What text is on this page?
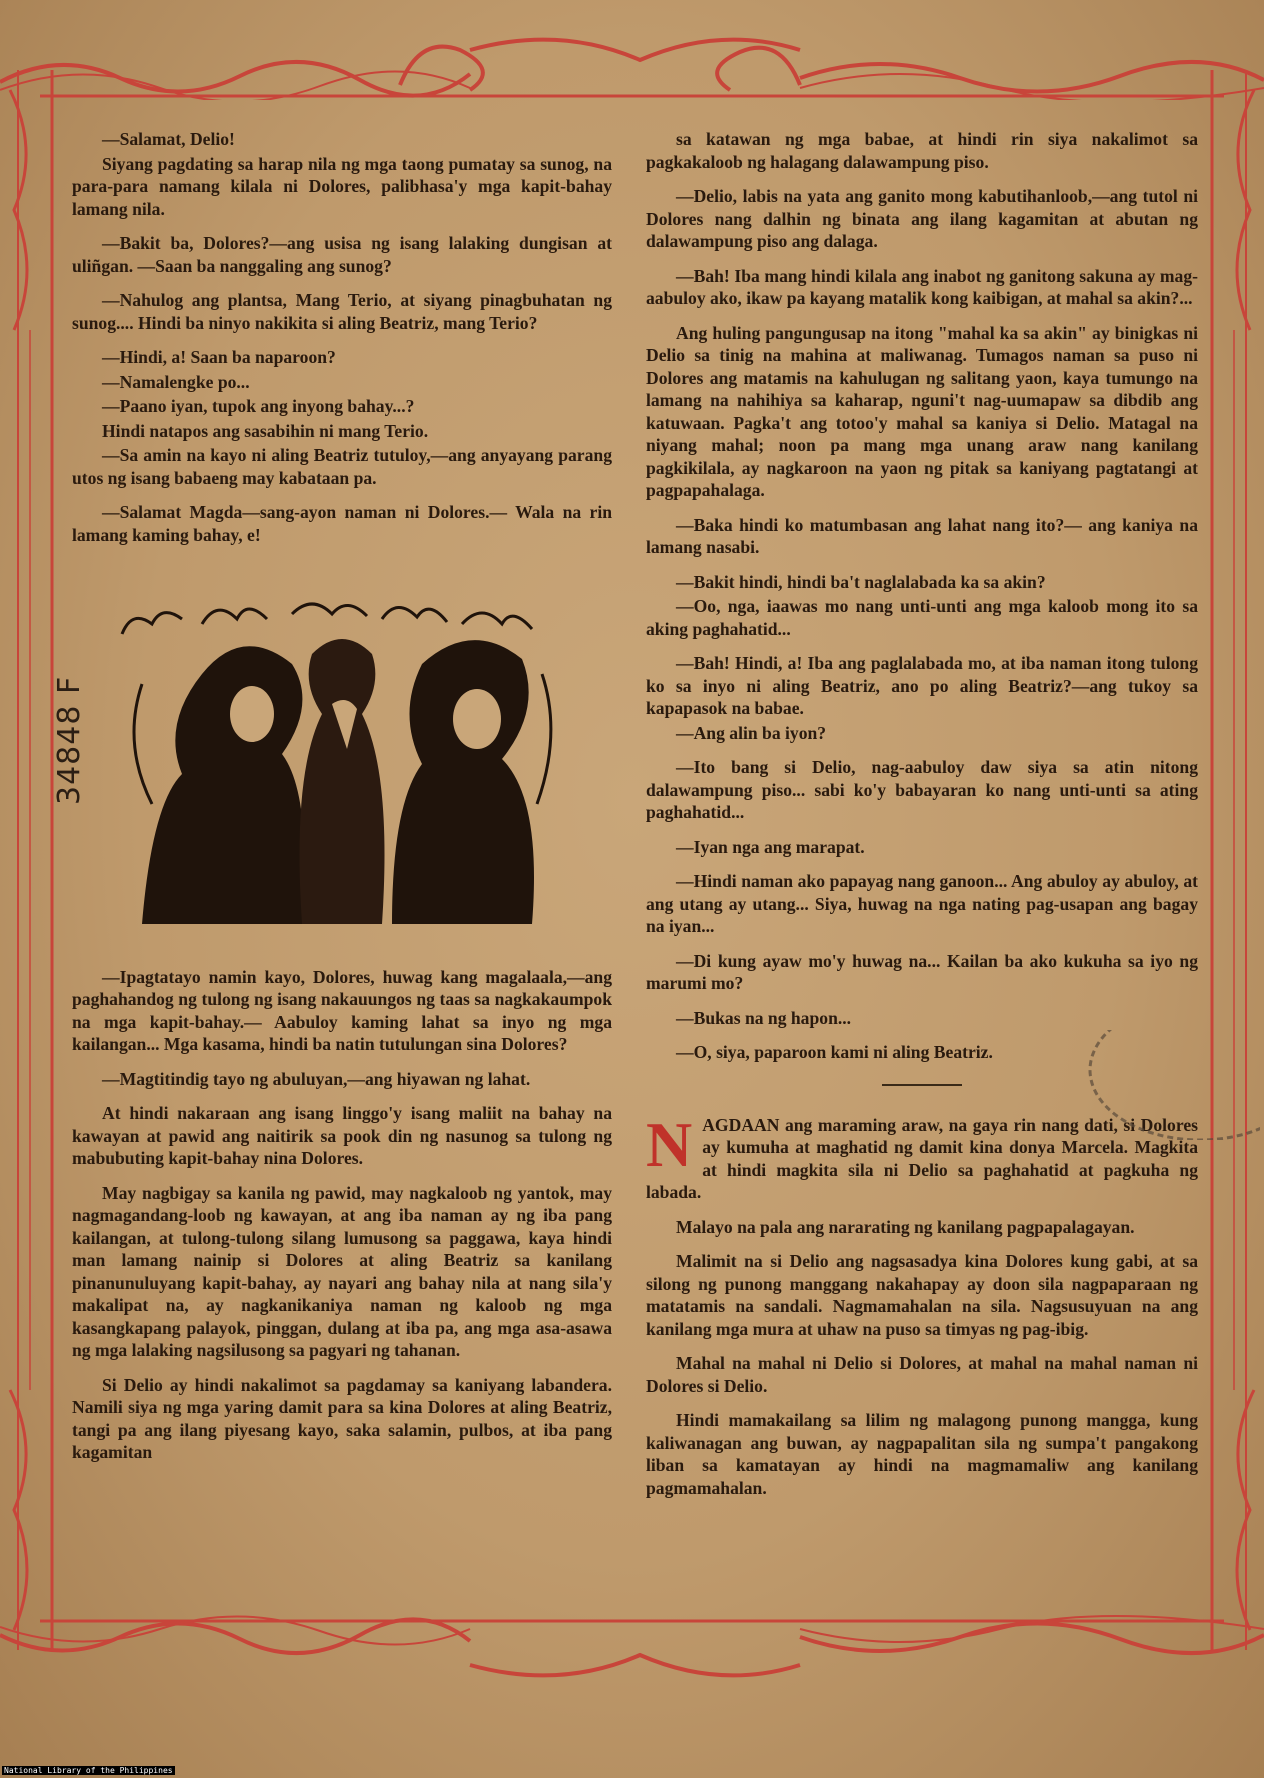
—Salamat, Delio!

Siyang pagdating sa harap nila ng mga taong pumatay sa sunog, na para-para namang kilala ni Dolores, palibhasa'y mga kapit-bahay lamang nila.

—Bakit ba, Dolores?—ang usisa ng isang lalaking dungisan at uliñgan. —Saan ba nanggaling ang sunog?

—Nahulog ang plantsa, Mang Terio, at siyang pinagbuhatan ng sunog.... Hindi ba ninyo nakikita si aling Beatriz, mang Terio?

—Hindi, a! Saan ba naparoon?

—Namalengke po...

—Paano iyan, tupok ang inyong bahay...?

Hindi natapos ang sasabihin ni mang Terio.

—Sa amin na kayo ni aling Beatriz tutuloy,—ang anyayang parang utos ng isang babaeng may kabataan pa.

—Salamat Magda—sang-ayon naman ni Dolores.— Wala na rin lamang kaming bahay, e!

—Ipagtatayo namin kayo, Dolores, huwag kang magalaala,—ang paghahandog ng tulong ng isang nakauungos ng taas sa nagkakaumpok na mga kapit-bahay.— Aabuloy kaming lahat sa inyo ng mga kailangan... Mga kasama, hindi ba natin tutulungan sina Dolores?

—Magtitindig tayo ng abuluyan,—ang hiyawan ng lahat.

At hindi nakaraan ang isang linggo'y isang maliit na bahay na kawayan at pawid ang naitirik sa pook din ng nasunog sa tulong ng mabubuting kapit-bahay nina Dolores.

May nagbigay sa kanila ng pawid, may nagkaloob ng yantok, may nagmagandang-loob ng kawayan, at ang iba naman ay ng iba pang kailangan, at tulong-tulong silang lumusong sa paggawa, kaya hindi man lamang nainip si Dolores at aling Beatriz sa kanilang pinanunuluyang kapit-bahay, ay nayari ang bahay nila at nang sila'y makalipat na, ay nagkanikaniya naman ng kaloob ng mga kasangkapang palayok, pinggan, dulang at iba pa, ang mga asa-asawa ng mga lalaking nagsilusong sa pagyari ng tahanan.

Si Delio ay hindi nakalimot sa pagdamay sa kaniyang labandera. Namili siya ng mga yaring damit para sa kina Dolores at aling Beatriz, tangi pa ang ilang piyesang kayo, saka salamin, pulbos, at iba pang kagamitan

34848 F

sa katawan ng mga babae, at hindi rin siya nakalimot sa pagkakaloob ng halagang dalawampung piso.

—Delio, labis na yata ang ganito mong kabutihanloob,—ang tutol ni Dolores nang dalhin ng binata ang ilang kagamitan at abutan ng dalawampung piso ang dalaga.

—Bah! Iba mang hindi kilala ang inabot ng ganitong sakuna ay mag-aabuloy ako, ikaw pa kayang matalik kong kaibigan, at mahal sa akin?...

Ang huling pangungusap na itong "mahal ka sa akin" ay binigkas ni Delio sa tinig na mahina at maliwanag. Tumagos naman sa puso ni Dolores ang matamis na kahulugan ng salitang yaon, kaya tumungo na lamang na nahihiya sa kaharap, nguni't nag-uumapaw sa dibdib ang katuwaan. Pagka't ang totoo'y mahal sa kaniya si Delio. Matagal na niyang mahal; noon pa mang mga unang araw nang kanilang pagkikilala, ay nagkaroon na yaon ng pitak sa kaniyang pagtatangi at pagpapahalaga.

—Baka hindi ko matumbasan ang lahat nang ito?— ang kaniya na lamang nasabi.

—Bakit hindi, hindi ba't naglalabada ka sa akin?

—Oo, nga, iaawas mo nang unti-unti ang mga kaloob mong ito sa aking paghahatid...

—Bah! Hindi, a! Iba ang paglalabada mo, at iba naman itong tulong ko sa inyo ni aling Beatriz, ano po aling Beatriz?—ang tukoy sa kapapasok na babae.

—Ang alin ba iyon?

—Ito bang si Delio, nag-aabuloy daw siya sa atin nitong dalawampung piso... sabi ko'y babayaran ko nang unti-unti sa ating paghahatid...

—Iyan nga ang marapat.

—Hindi naman ako papayag nang ganoon... Ang abuloy ay abuloy, at ang utang ay utang... Siya, huwag na nga nating pag-usapan ang bagay na iyan...

—Di kung ayaw mo'y huwag na... Kailan ba ako kukuha sa iyo ng marumi mo?

—Bukas na ng hapon...

—O, siya, paparoon kami ni aling Beatriz.

N AGDAAN ang maraming araw, na gaya rin nang dati, si Dolores ay kumuha at maghatid ng damit kina donya Marcela. Magkita at hindi magkita sila ni Delio sa paghahatid at pagkuha ng labada.

Malayo na pala ang nararating ng kanilang pagpapalagayan.

Malimit na si Delio ang nagsasadya kina Dolores kung gabi, at sa silong ng punong manggang nakahapay ay doon sila nagpaparaan ng matatamis na sandali. Nagmamahalan na sila. Nagsusuyuan na ang kanilang mga mura at uhaw na puso sa timyas ng pag-ibig.

Mahal na mahal ni Delio si Dolores, at mahal na mahal naman ni Dolores si Delio.

Hindi mamakailang sa lilim ng malagong punong mangga, kung kaliwanagan ang buwan, ay nagpapalitan sila ng sumpa't pangakong liban sa kamatayan ay hindi na magmamaliw ang kanilang pagmamahalan.

National Library of the Philippines
